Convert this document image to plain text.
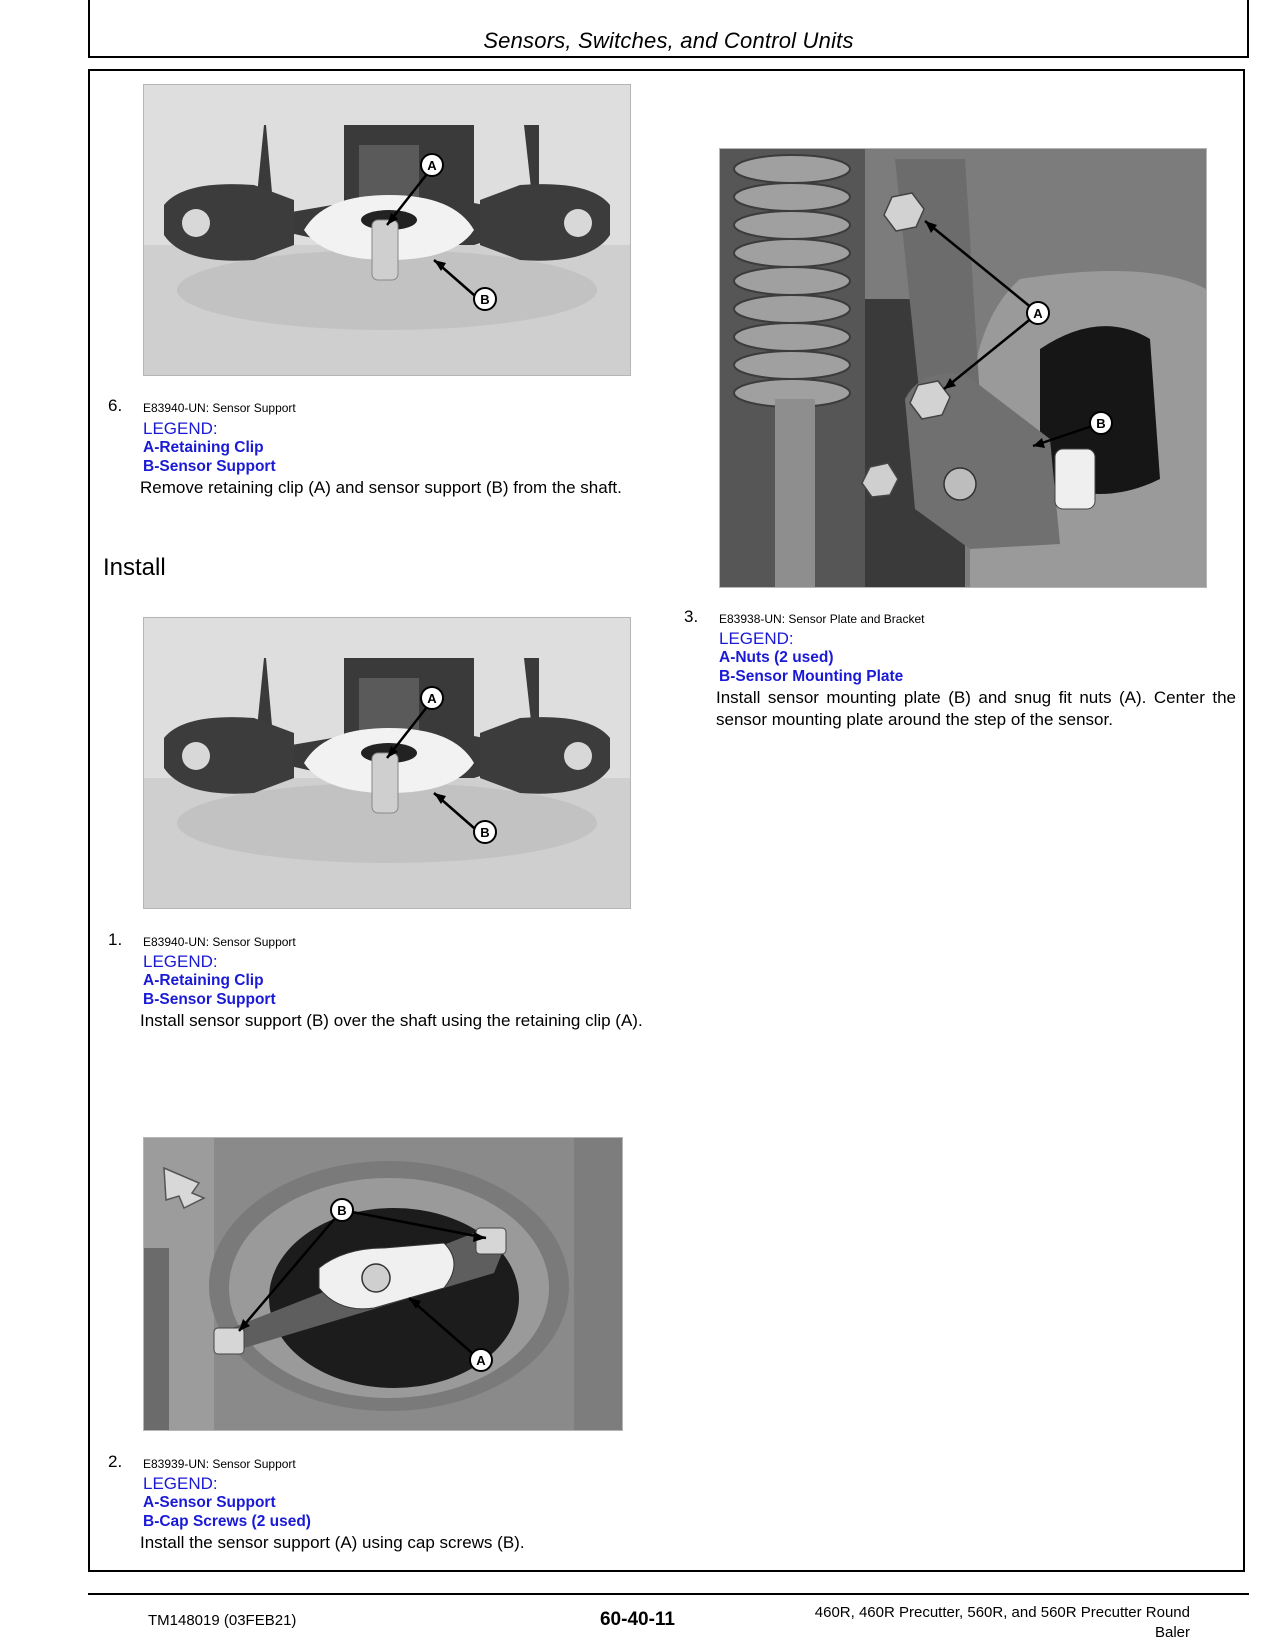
Sensors, Switches, and Control Units
A
B
6. E83940-UN: Sensor Support
LEGEND:
A-Retaining Clip
B-Sensor Support
Remove retaining clip (A) and sensor support (B) from the shaft.
Install
A
B
1. E83940-UN: Sensor Support
LEGEND:
A-Retaining Clip
B-Sensor Support
Install sensor support (B) over the shaft using the retaining clip (A).
B
A
2. E83939-UN: Sensor Support
LEGEND:
A-Sensor Support
B-Cap Screws (2 used)
Install the sensor support (A) using cap screws (B).
A
B
3. E83938-UN: Sensor Plate and Bracket
LEGEND:
A-Nuts (2 used)
B-Sensor Mounting Plate
Install sensor mounting plate (B) and snug fit nuts (A). Center the sensor mounting plate around the step of the sensor.
TM148019 (03FEB21)	60-40-11	460R, 460R Precutter, 560R, and 560R Precutter Round
Baler
